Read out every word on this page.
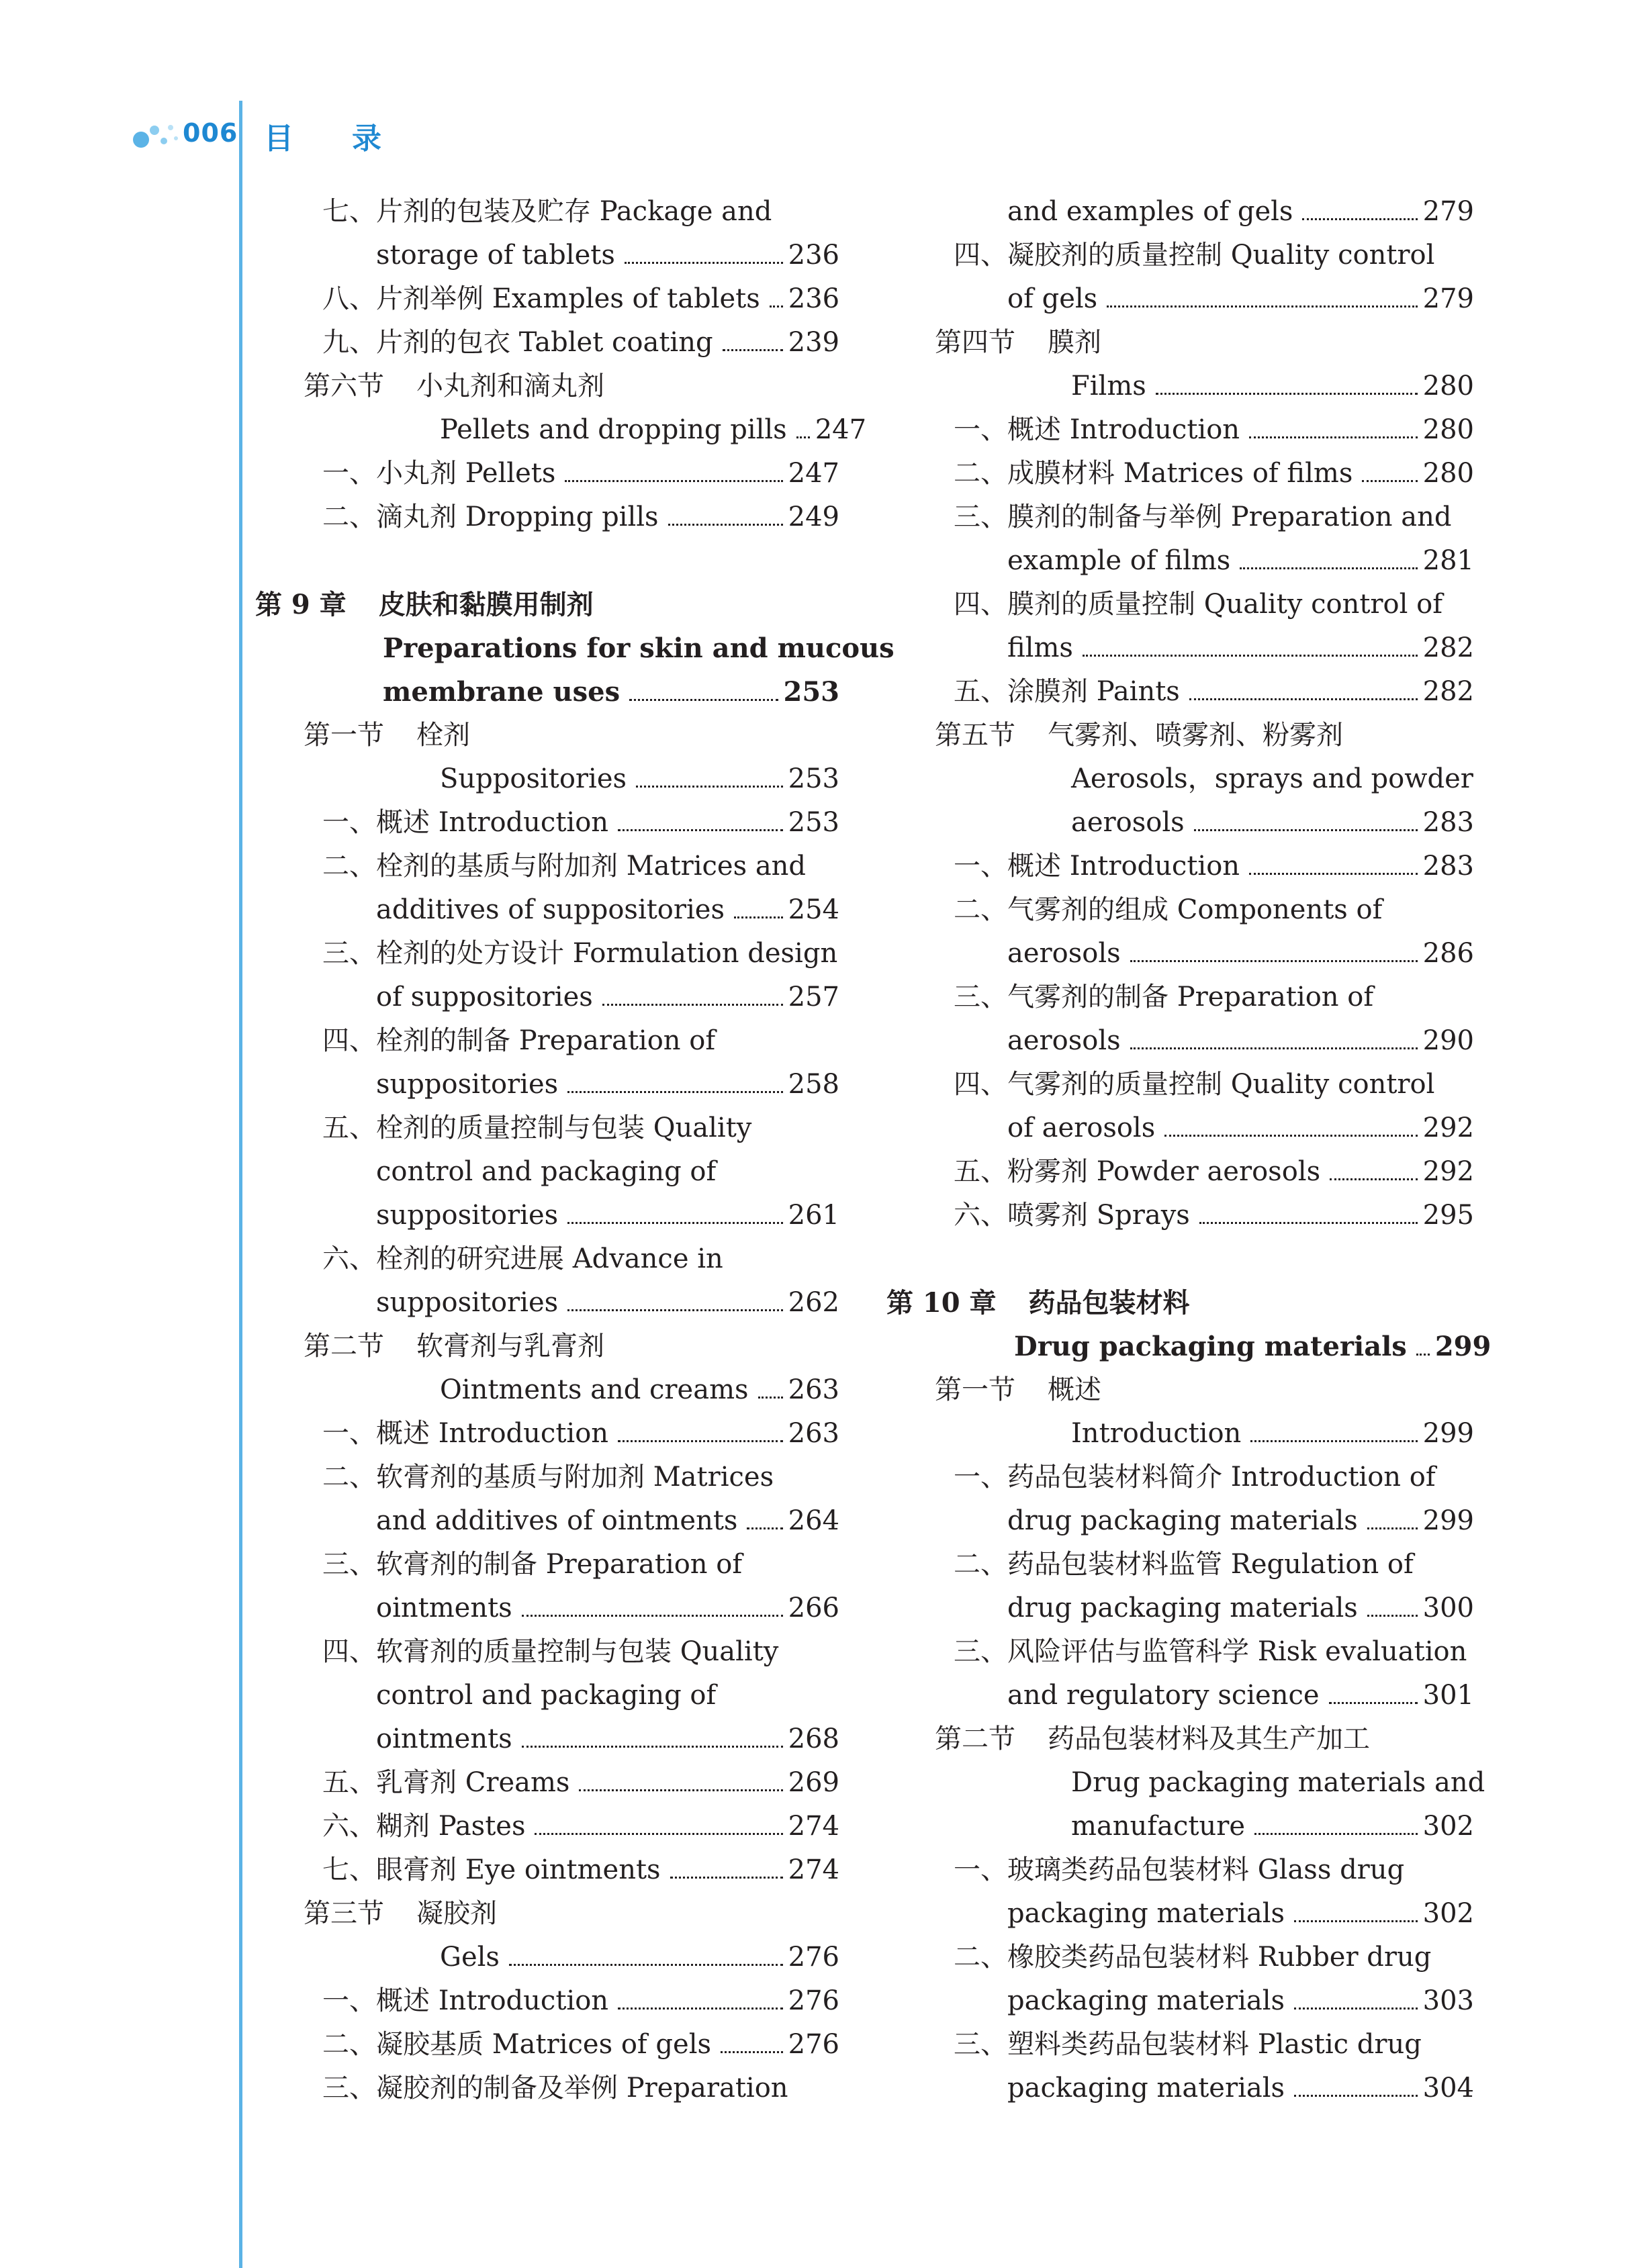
006 目 录
七、片剂的包装及贮存 Package and
storage of tablets	236
八、片剂举例 Examples of tablets 236
九、片剂的包衣 Tablet coating	239
第六节 小丸剂和滴丸剂
Pellets and dropping pills 247
一、小丸剂 Pellets	247
二、滴丸剂 Dropping pills	249
第 9 章 皮肤和黏膜用制剂
Preparations for skin and mucous
membrane uses	253
第一节 栓剂
Suppositories	253
一、概述 Introduction	253
二、栓剂的基质与附加剂 Matrices and
additives of suppositories 254
三、栓剂的处方设计 Formulation design
of suppositories	257
四、栓剂的制备 Preparation of
suppositories	258
五、栓剂的质量控制与包装 Quality
control and packaging of
suppositories	261
六、栓剂的研究进展 Advance in
suppositories	262
第二节 软膏剂与乳膏剂
Ointments and creams 263
一、概述 Introduction	263
二、软膏剂的基质与附加剂 Matrices
and additives of ointments 264
三、软膏剂的制备 Preparation of
ointments	266
四、软膏剂的质量控制与包装 Quality
control and packaging of
ointments	268
五、乳膏剂 Creams	269
六、糊剂 Pastes	274
七、眼膏剂 Eye ointments	274
第三节 凝胶剂
Gels	276
一、概述 Introduction	276
二、凝胶基质 Matrices of gels	276
三、凝胶剂的制备及举例 Preparation
and examples of gels	279
四、凝胶剂的质量控制 Quality control
of gels	279
第四节 膜剂
Films	280
一、概述 Introduction	280
二、成膜材料 Matrices of films	280
三、膜剂的制备与举例 Preparation and
example of films	281
四、膜剂的质量控制 Quality control of
films	282
五、涂膜剂 Paints	282
第五节 气雾剂、喷雾剂、粉雾剂
Aerosols，sprays and powder
aerosols	283
一、概述 Introduction	283
二、气雾剂的组成 Components of
aerosols	286
三、气雾剂的制备 Preparation of
aerosols	290
四、气雾剂的质量控制 Quality control
of aerosols	292
五、粉雾剂 Powder aerosols	292
六、喷雾剂 Sprays	295
第 10 章 药品包装材料
Drug packaging materials 299
第一节 概述
Introduction	299
一、药品包装材料简介 Introduction of
drug packaging materials 299
二、药品包装材料监管 Regulation of
drug packaging materials 300
三、风险评估与监管科学 Risk evaluation
and regulatory science	301
第二节 药品包装材料及其生产加工
Drug packaging materials and
manufacture	302
一、玻璃类药品包装材料 Glass drug
packaging materials	302
二、橡胶类药品包装材料 Rubber drug
packaging materials	303
三、塑料类药品包装材料 Plastic drug
packaging materials	304
